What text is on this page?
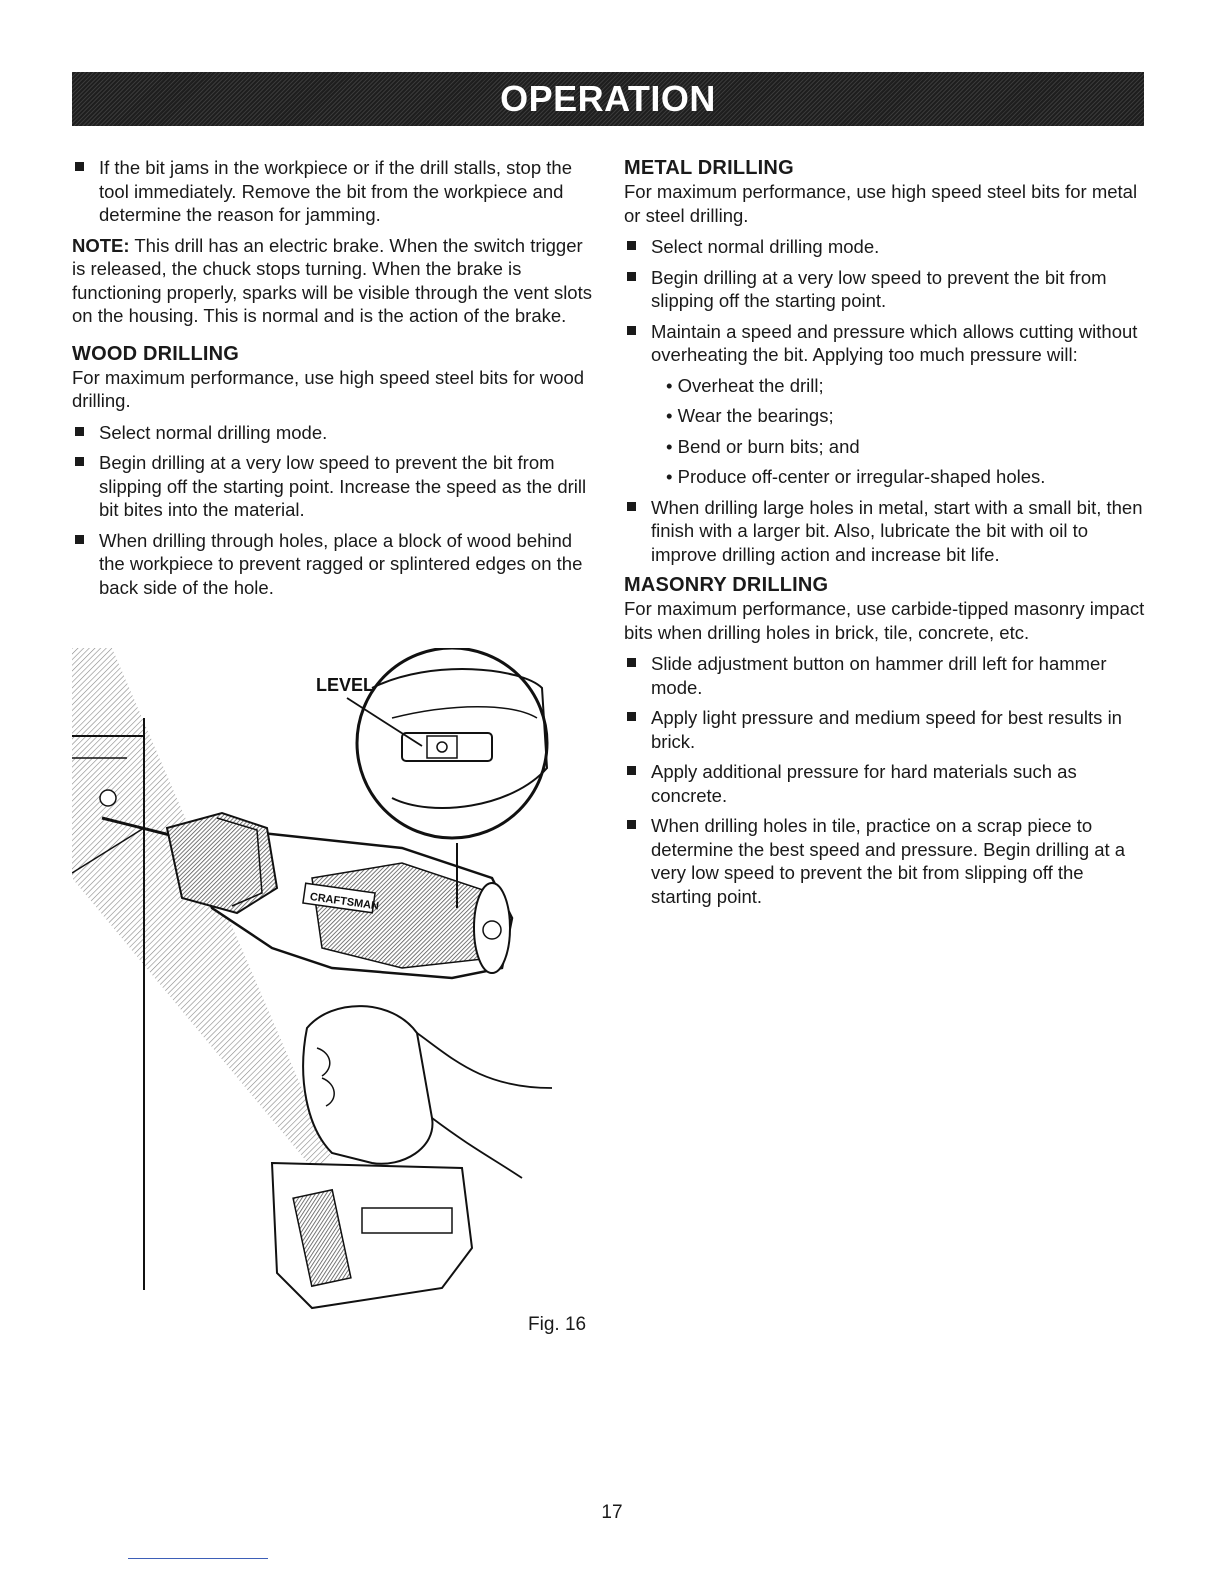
OPERATION
If the bit jams in the workpiece or if the drill stalls, stop the tool immediately. Remove the bit from the workpiece and determine the reason for jamming.

NOTE: This drill has an electric brake. When the switch trigger is released, the chuck stops turning. When the brake is functioning properly, sparks will be visible through the vent slots on the housing. This is normal and is the action of the brake.

WOOD DRILLING

For maximum performance, use high speed steel bits for wood drilling.

Select normal drilling mode.
Begin drilling at a very low speed to prevent the bit from slipping off the starting point. Increase the speed as the drill bit bites into the material.
When drilling through holes, place a block of wood behind the workpiece to prevent ragged or splintered edges on the back side of the hole.
CRAFTSMAN
LEVEL
Fig. 16
METAL DRILLING

For maximum performance, use high speed steel bits for metal or steel drilling.

Select normal drilling mode.
Begin drilling at a very low speed to prevent the bit from slipping off the starting point.
Maintain a speed and pressure which allows cutting without overheating the bit. Applying too much pressure will:
• Overheat the drill;
• Wear the bearings;
• Bend or burn bits; and
• Produce off-center or irregular-shaped holes.
When drilling large holes in metal, start with a small bit, then finish with a larger bit. Also, lubricate the bit with oil to improve drilling action and increase bit life.
MASONRY DRILLING

For maximum performance, use carbide-tipped masonry impact bits when drilling holes in brick, tile, concrete, etc.

Slide adjustment button on hammer drill left for hammer mode.
Apply light pressure and medium speed for best results in brick.
Apply additional pressure for hard materials such as concrete.
When drilling holes in tile, practice on a scrap piece to determine the best speed and pressure. Begin drilling at a very low speed to prevent the bit from slipping off the starting point.
17
